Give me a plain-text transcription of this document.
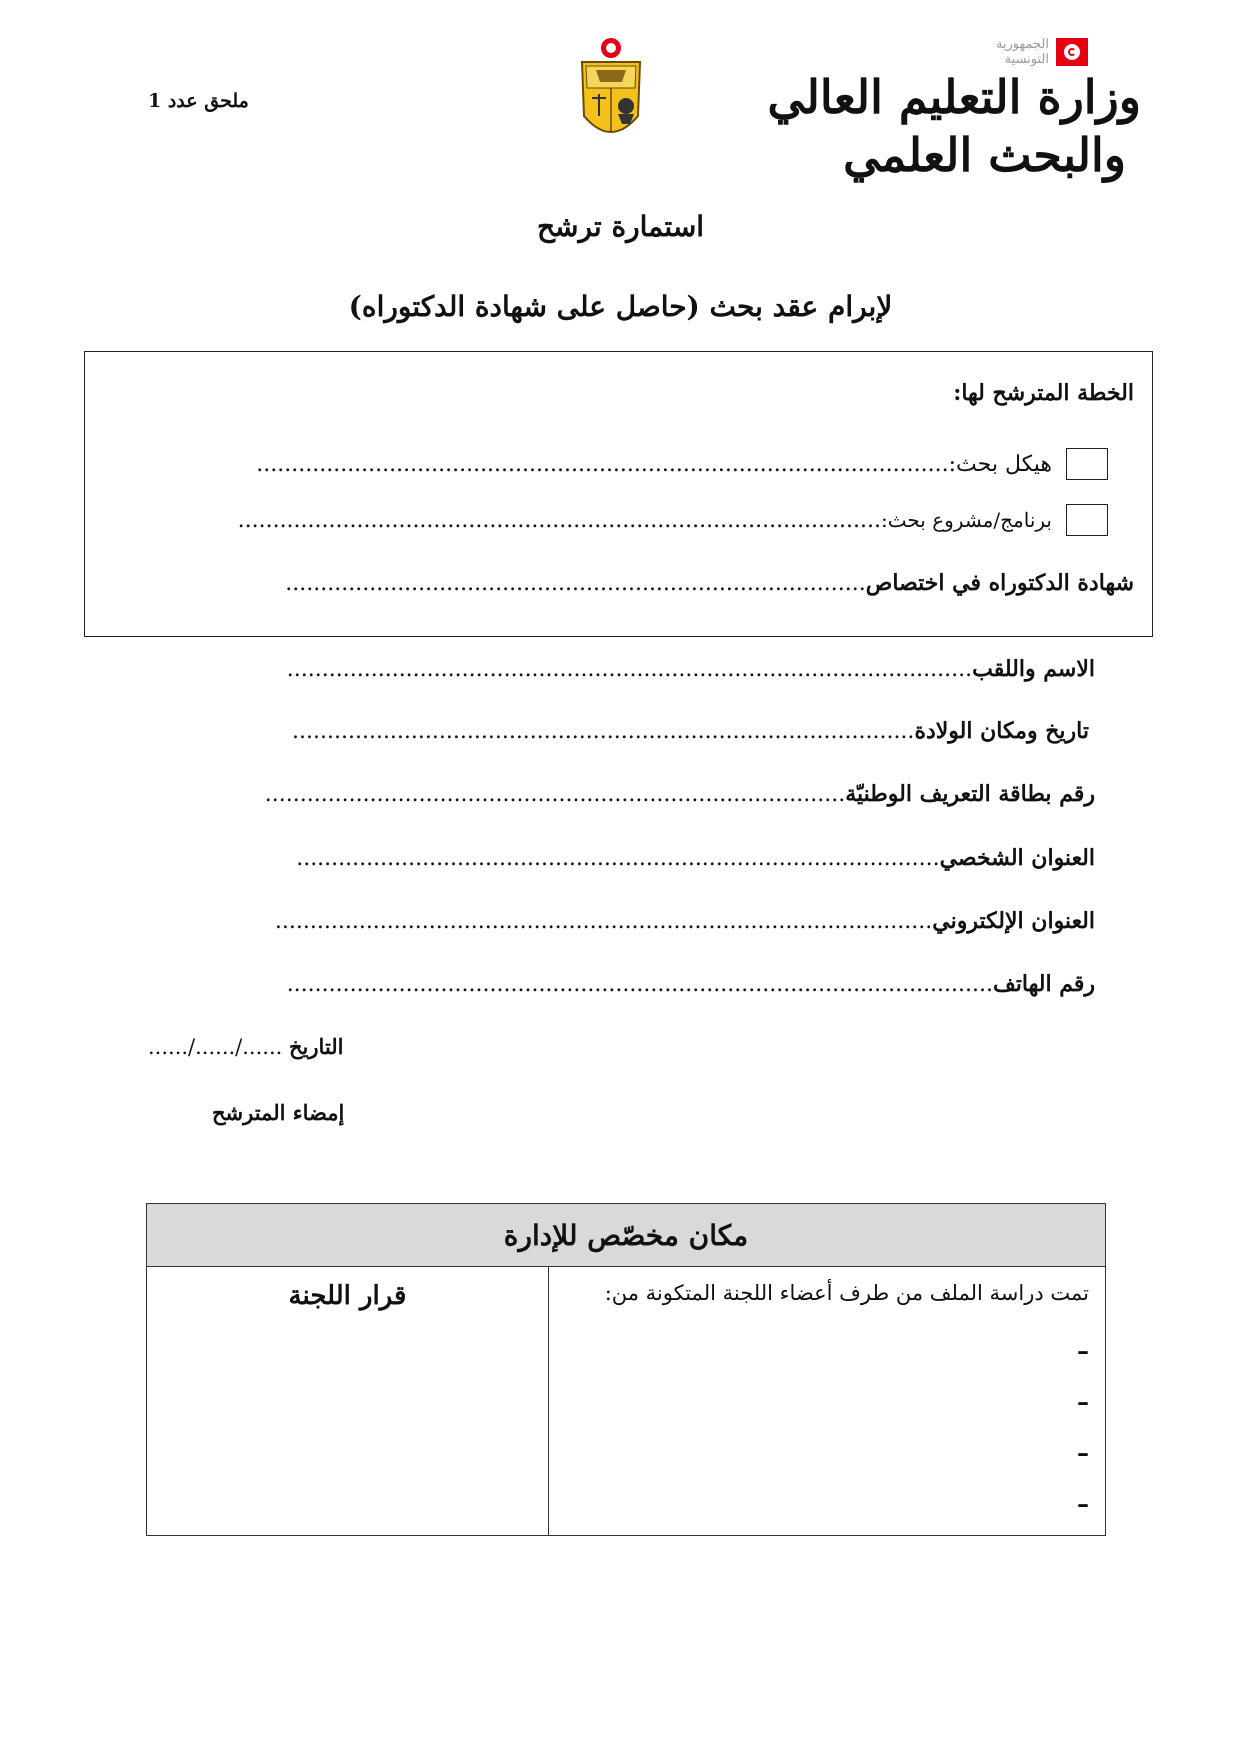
ملحق عدد 1
الجمهورية
التونسية
وزارة التعليم العالي
والبحث العلمي
استمارة ترشح
لإبرام عقد بحث (حاصل على شهادة الدكتوراه)
الخطة المترشح لها:
هيكل بحث:
...................................................................................................
برنامج/مشروع بحث:
............................................................................................
شهادة الدكتوراه في اختصاص...................................................................................
الاسم واللقب..................................................................................................
تاريخ ومكان الولادة.........................................................................................
رقم بطاقة التعريف الوطنيّة...................................................................................
العنوان الشخصي............................................................................................
العنوان الإلكتروني..............................................................................................
رقم الهاتف.....................................................................................................
التاريخ ....../....../......
إمضاء المترشح
مكان مخصّص للإدارة

تمت دراسة الملف من طرف أعضاء اللجنة المتكونة من:
–
–
–
–

قرار اللجنة
